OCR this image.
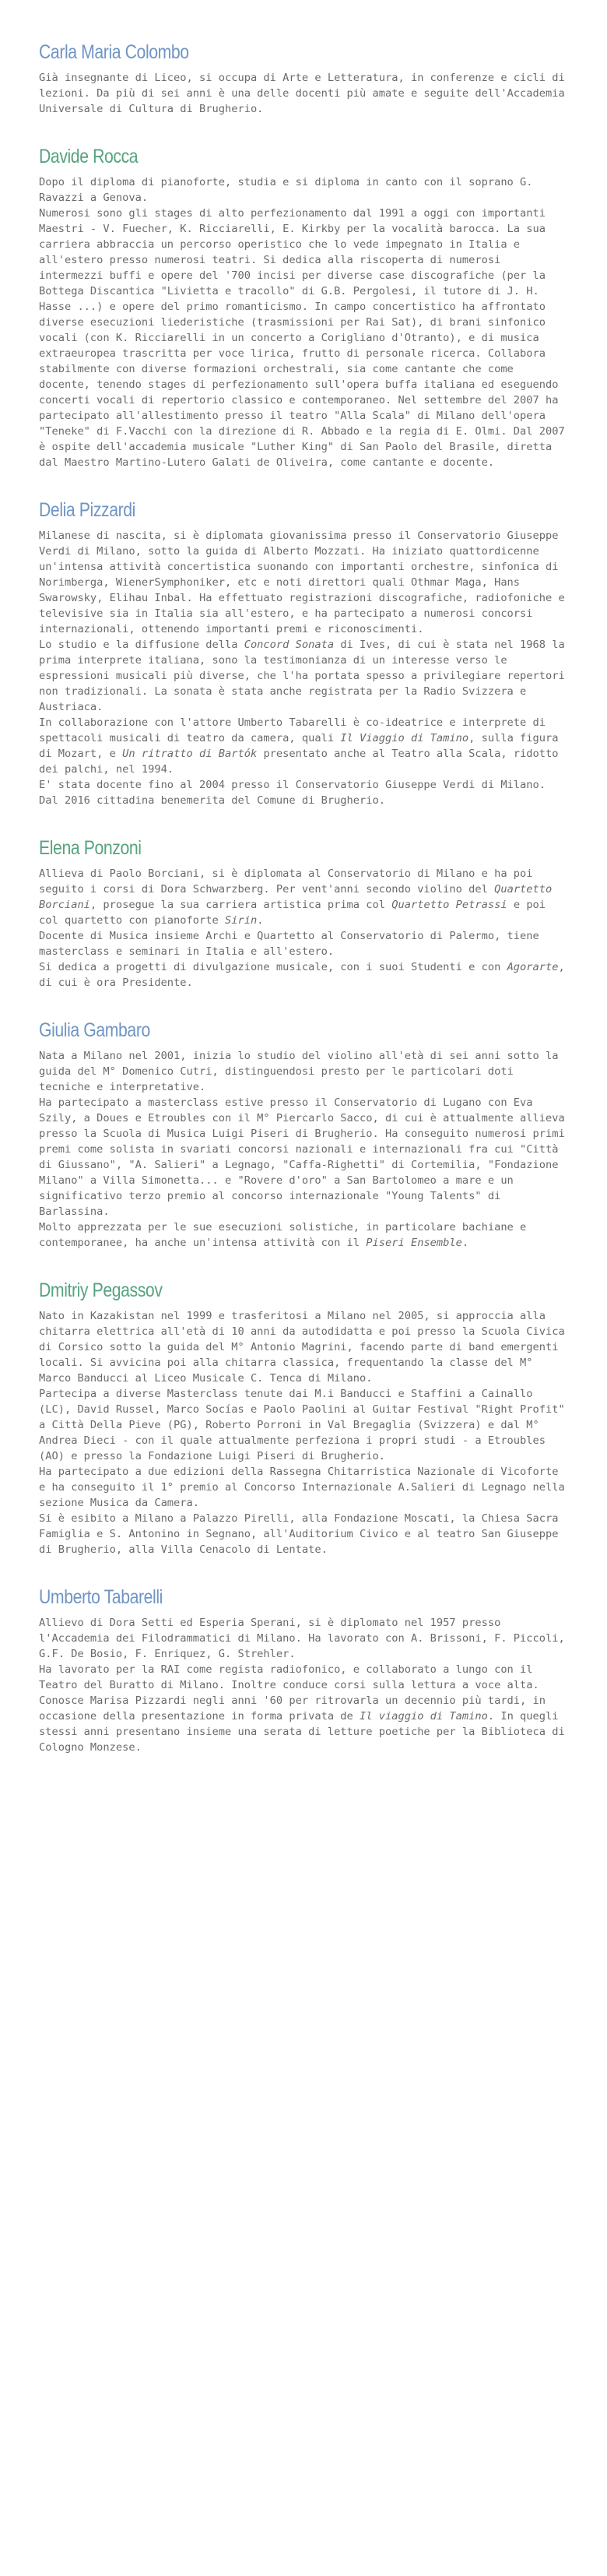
Carla Maria Colombo

Già insegnante di Liceo, si occupa di Arte e Letteratura, in conferenze e cicli di lezioni. Da più di sei anni è una delle docenti più amate e seguite dell'Accademia Universale di Cultura di Brugherio.

Davide Rocca

Dopo il diploma di pianoforte, studia e si diploma in canto con il soprano G. Ravazzi a Genova.

Numerosi sono gli stages di alto perfezionamento dal 1991 a oggi con importanti Maestri - V. Fuecher, K. Ricciarelli, E. Kirkby per la vocalità barocca. La sua carriera abbraccia un percorso operistico che lo vede impegnato in Italia e all'estero presso numerosi teatri. Si dedica alla riscoperta di numerosi intermezzi buffi e opere del '700 incisi per diverse case discografiche (per la Bottega Discantica "Livietta e tracollo" di G.B. Pergolesi, il tutore di J. H. Hasse ...) e opere del primo romanticismo. In campo concertistico ha affrontato diverse esecuzioni liederistiche (trasmissioni per Rai Sat), di brani sinfonico vocali (con K. Ricciarelli in un concerto a Corigliano d'Otranto), e di musica extraeuropea trascritta per voce lirica, frutto di personale ricerca. Collabora stabilmente con diverse formazioni orchestrali, sia come cantante che come docente, tenendo stages di perfezionamento sull'opera buffa italiana ed eseguendo concerti vocali di repertorio classico e contemporaneo. Nel settembre del 2007 ha partecipato all'allestimento presso il teatro "Alla Scala" di Milano dell'opera "Teneke" di F.Vacchi con la direzione di R. Abbado e la regia di E. Olmi. Dal 2007 è ospite dell'accademia musicale "Luther King" di San Paolo del Brasile, diretta dal Maestro Martino-Lutero Galati de Oliveira, come cantante e docente.

Delia Pizzardi

Milanese di nascita, si è diplomata giovanissima presso il Conservatorio Giuseppe Verdi di Milano, sotto la guida di Alberto Mozzati. Ha iniziato quattordicenne un'intensa attività concertistica suonando con importanti orchestre, sinfonica di Norimberga, WienerSymphoniker, etc e noti direttori quali Othmar Maga, Hans Swarowsky, Elihau Inbal. Ha effettuato registrazioni discografiche, radiofoniche e televisive sia in Italia sia all'estero, e ha partecipato a numerosi concorsi internazionali, ottenendo importanti premi e riconoscimenti.

Lo studio e la diffusione della Concord Sonata di Ives, di cui è stata nel 1968 la prima interprete italiana, sono la testimonianza di un interesse verso le espressioni musicali più diverse, che l'ha portata spesso a privilegiare repertori non tradizionali. La sonata è stata anche registrata per la Radio Svizzera e Austriaca.

In collaborazione con l'attore Umberto Tabarelli è co-ideatrice e interprete di spettacoli musicali di teatro da camera, quali Il Viaggio di Tamino, sulla figura di Mozart, e Un ritratto di Bartók presentato anche al Teatro alla Scala, ridotto dei palchi, nel 1994.

E' stata docente fino al 2004 presso il Conservatorio Giuseppe Verdi di Milano.

Dal 2016 cittadina benemerita del Comune di Brugherio.

Elena Ponzoni

Allieva di Paolo Borciani, si è diplomata al Conservatorio di Milano e ha poi seguito i corsi di Dora Schwarzberg. Per vent'anni secondo violino del Quartetto Borciani, prosegue la sua carriera artistica prima col Quartetto Petrassi e poi col quartetto con pianoforte Sirin.

Docente di Musica insieme Archi e Quartetto al Conservatorio di Palermo, tiene masterclass e seminari in Italia e all'estero.

Si dedica a progetti di divulgazione musicale, con i suoi Studenti e con Agorarte, di cui è ora Presidente.

Giulia Gambaro

Nata a Milano nel 2001, inizia lo studio del violino all'età di sei anni sotto la guida del M° Domenico Cutri, distinguendosi presto per le particolari doti tecniche e interpretative.

Ha partecipato a masterclass estive presso il Conservatorio di Lugano con Eva Szily, a Doues e Etroubles con il M° Piercarlo Sacco, di cui è attualmente allieva presso la Scuola di Musica Luigi Piseri di Brugherio. Ha conseguito numerosi primi premi come solista in svariati concorsi nazionali e internazionali fra cui "Città di Giussano", "A. Salieri" a Legnago, "Caffa-Righetti" di Cortemilia, "Fondazione Milano" a Villa Simonetta... e "Rovere d'oro" a San Bartolomeo a mare e un significativo terzo premio al concorso internazionale "Young Talents" di Barlassina.

Molto apprezzata per le sue esecuzioni solistiche, in particolare bachiane e contemporanee, ha anche un'intensa attività con il Piseri Ensemble.

Dmitriy Pegassov

Nato in Kazakistan nel 1999 e trasferitosi a Milano nel 2005, si approccia alla chitarra elettrica all'età di 10 anni da autodidatta e poi presso la Scuola Civica di Corsico sotto la guida del M° Antonio Magrini, facendo parte di band emergenti locali. Si avvicina poi alla chitarra classica, frequentando la classe del M° Marco Banducci al Liceo Musicale C. Tenca di Milano.

Partecipa a diverse Masterclass tenute dai M.i Banducci e Staffini a Cainallo (LC), David Russel, Marco Socías e Paolo Paolini al Guitar Festival "Right Profit" a Città Della Pieve (PG), Roberto Porroni in Val Bregaglia (Svizzera) e dal M° Andrea Dieci - con il quale attualmente perfeziona i propri studi - a Etroubles (AO) e presso la Fondazione Luigi Piseri di Brugherio.

Ha partecipato a due edizioni della Rassegna Chitarristica Nazionale di Vicoforte e ha conseguito il 1° premio al Concorso Internazionale A.Salieri di Legnago nella sezione Musica da Camera.

Si è esibito a Milano a Palazzo Pirelli, alla Fondazione Moscati, la Chiesa Sacra Famiglia e S. Antonino in Segnano, all'Auditorium Civico e al teatro San Giuseppe di Brugherio, alla Villa Cenacolo di Lentate.

Umberto Tabarelli

Allievo di Dora Setti ed Esperia Sperani, si è diplomato nel 1957 presso l'Accademia dei Filodrammatici di Milano. Ha lavorato con A. Brissoni, F. Piccoli, G.F. De Bosio, F. Enriquez, G. Strehler.

Ha lavorato per la RAI come regista radiofonico, e collaborato a lungo con il Teatro del Buratto di Milano. Inoltre conduce corsi sulla lettura a voce alta.

Conosce Marisa Pizzardi negli anni '60 per ritrovarla un decennio più tardi, in occasione della presentazione in forma privata de Il viaggio di Tamino. In quegli stessi anni presentano insieme una serata di letture poetiche per la Biblioteca di Cologno Monzese.
